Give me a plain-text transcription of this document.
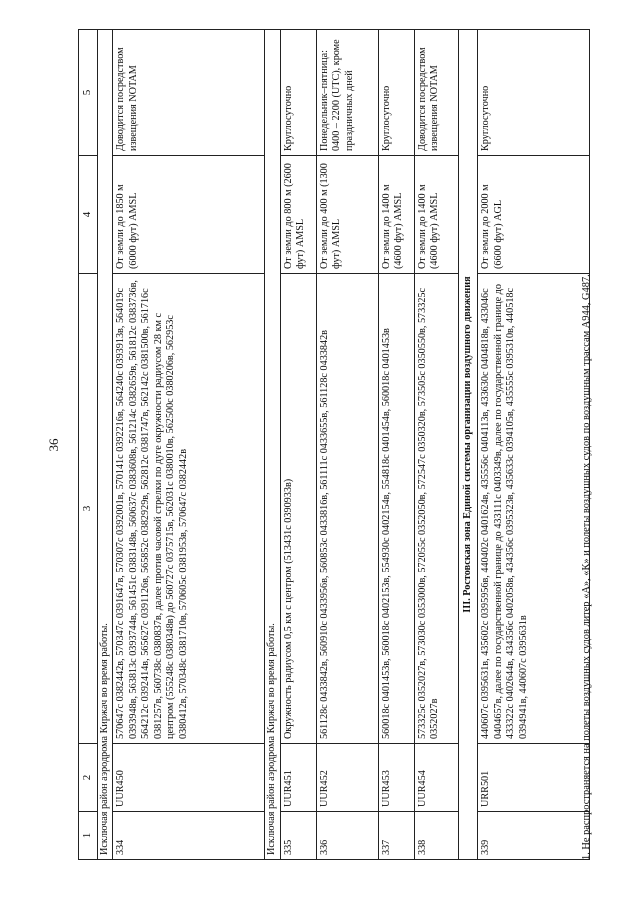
36
1	2	3	4	5
Исключая район аэродрома Киржач во время работы.				
334	UUR450	570647с 0382442в, 570347с 0391647в, 570307с 0392001в, 570141с 0392216в, 564240с 0393913в, 564019с 0393948в, 563813с 0393744в, 561451с 0383148в, 560637с 0383608в, 561214с 0382659в, 561812с 0383736в, 564212с 0392414в, 565627с 0391126в, 565852с 0382929в, 562812с 0381747в, 562142с 0381500в, 561716с 0381257в, 560738с 0380837в, далее против часовой стрелки по дуге окружности радиусом 28 км с центром (555248с 0380348в) до 560727с 0375715в, 562031с 0380010в, 562500с 0380206в, 562953с 0380412в, 570348с 0381710в, 570605с 0381953в, 570647с 0382442в	От земли до 1850 м (6000 фут) AMSL	Доводится посредством извещения NOTAM
Исключая район аэродрома Киржач во время работы.				
335	UUR451	Окружность радиусом 0,5 км с центром (513431с 0390933в)	От земли до 800 м (2600 фут) AMSL	Круглосуточно
336	UUR452	561128с 0433842в, 560910с 0433956в, 560853с 0433816в, 561111с 0433655в, 561128с 0433842в	От земли до 400 м (1300 фут) AMSL	Понедельник–пятница: 0400 – 2200 (UTC), кроме праздничных дней
337	UUR453	560018с 0401453в, 560018с 0402153в, 554930с 0402154в, 554818с 0401454в, 560018с 0401453в	От земли до 1400 м (4600 фут) AMSL	Круглосуточно
338	UUR454	573325с 0352027в, 573030с 0353000в, 572055с 0352050в, 572547с 0350320в, 573505с 0350550в, 573325с 0352027в	От земли до 1400 м (4600 фут) AMSL	Доводится посредством извещения NOTAM
III. Ростовская зона Единой системы организации воздушного движения				
339	URR501	440607с 0395631в, 435602с 0395956в, 440402с 0401624в, 435556с 0404113в, 433630с 0404818в, 433046с 0404657в, далее по государственной границе до 433111с 0403349в, далее по государственной границе до 433322с 0402644в, 434356с 0402058в, 434356с 0395323в, 435633с 0394105в, 435555с 0395310в, 440518с 0394941в, 440607с 0395631в	От земли до 2000 м (6600 фут) AGL	Круглосуточно
1. Не распространяется на полеты воздушных судов литер «А», «К» и полеты воздушных судов по воздушным трассам А944, G487.
